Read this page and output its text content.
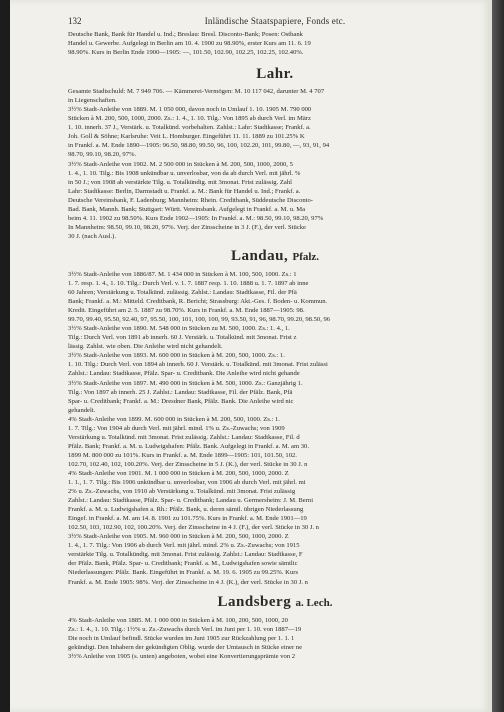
132	Inländische Staatspapiere, Fonds etc.

Deutsche Bank, Bank für Handel u. Ind.; Breslau: Bresl. Disconto-Bank; Posen: Ostbank

Handel u. Gewerbe. Aufgelegt in Berlin am 10. 4. 1900 zu 98.90%, erster Kurs am 11. 6. 19

98.90%. Kurs in Berlin Ende 1900—1905: —, 101.50, 102.90, 102.25, 102.25, 102.40%.

Lahr.

Gesamte Stadtschuld: M. 7 949 706. — Kämmerei-Vermögen: M. 10 117 042, darunter M. 4 707

in Liegenschaften.

3½% Stadt-Anleihe von 1889. M. 1 050 000, davon noch in Umlauf 1. 10. 1905 M. 790 000

Stücken à M. 200, 500, 1000, 2000. Zs.: 1. 4., 1. 10. Tilg.: Von 1895 ab durch Verl. im März

1. 10. innerh. 37 J., Verstärk. u. Totalkünd. vorbehalten. Zahlst.: Lahr: Stadtkasse; Frankf. a.

Joh. Goll & Söhne; Karlsruhe: Veit L. Homburger. Eingeführt 11. 11. 1889 zu 101.25% K

in Frankf. a. M. Ende 1890—1905: 96.50, 98.80, 99.50, 96, 100, 102.20, 101, 99.80, —, 93, 91, 94

98.70, 99.10, 98.20, 97%.

3½% Stadt-Anleihe von 1902. M. 2 500 000 in Stücken à M. 200, 500, 1000, 2000, 5

1. 4., 1. 10. Tilg.: Bis 1908 unkündbar u. unverlosbar, von da ab durch Verl. mit jährl. %

in 50 J.; von 1908 ab verstärkte Tilg. u. Totalkündig. mit 3monat. Frist zulässig. Zahl

Lahr: Stadtkasse: Berlin, Darmstadt u. Frankf. a. M.: Bank für Handel u. Ind.; Frankf. a.

Deutsche Vereinsbank, F. Ladenburg; Mannheim: Rhein. Creditbank, Süddeutsche Disconto-

Bad. Bank, Mannh. Bank; Stuttgart: Württ. Vereinsbank. Aufgelegt in Frankf. a. M. u. Ma

beim 4. 11. 1902 zu 98.50%. Kurs Ende 1902—1905: In Frankf. a. M.: 98.50, 99.10, 98.20, 97%

In Mannheim: 98.50, 99.10, 98.20, 97%. Verj. der Zinsscheine in 3 J. (F.), der verl. Stücke

30 J. (nach Ausl.).

Landau, Pfalz.

3½% Stadt-Anleihe von 1886/87. M. 1 434 000 in Stücken à M. 100, 500, 1000. Zs.: 1

1. 7. resp. 1. 4., 1. 10. Tilg.: Durch Verl. v. 1. 7. 1887 resp. 1. 10. 1888 u. 1. 7. 1897 ab inne

60 Jahren; Verstärkung u. Totalkünd. zulässig. Zahlst.: Landau: Stadtkasse, Fil. der Pfä

Bank; Frankf. a. M.: Mitteld. Creditbank, R. Bericht; Strassburg: Akt.-Ges. f. Boden- u. Kommun.

Kredit. Eingeführt am 2. 5. 1887 zu 98.70%. Kurs in Frankf. a. M. Ende 1887—1905: 98.

99.70, 99.40, 95.50, 92.40, 97, 95.50, 100, 101, 100, 100, 99, 93.50, 91, 96, 98.70, 99.20, 98.50, 96

3½% Stadt-Anleihe von 1890. M. 548 000 in Stücken zu M. 500, 1000. Zs.: 1. 4., 1.

Tilg.: Durch Verl. von 1891 ab innerh. 60 J. Verstärk. u. Totalkünd. mit 3monat. Frist z

lässig. Zahlst. wie oben. Die Anleihe wird nicht gehandelt.

3½% Stadt-Anleihe von 1893. M. 600 000 in Stücken à M. 200, 500, 1000. Zs.: 1.

1. 10. Tilg.: Durch Verl. von 1894 ab innerh. 60 J. Verstärk. u. Totalkünd. mit 3monat. Frist zulässi

Zahlst.: Landau: Stadtkasse, Pfälz. Spar- u. Creditbank. Die Anleihe wird nicht gehande

3½% Stadt-Anleihe von 1897. M. 490 000 in Stücken à M. 500, 1000. Zs.: Ganzjährig 1.

Tilg.: Von 1897 ab innerh. 25 J. Zahlst.: Landau: Stadtkasse, Fil. der Pfälz. Bank, Pfä

Spar- u. Creditbank; Frankf. a. M.: Dresdner Bank, Pfälz. Bank. Die Anleihe wird nic

gehandelt.

4% Stadt-Anleihe von 1899. M. 600 000 in Stücken à M. 200, 500, 1000. Zs.: 1.

1. 7. Tilg.: Von 1904 ab durch Verl. mit jährl. mind. 1% u. Zs.-Zuwachs; von 1909

Verstärkung u. Totalkünd. mit 3monat. Frist zulässig. Zahlst.: Landau: Stadtkasse, Fil. d

Pfälz. Bank; Frankf. a. M. u. Ludwigshafen: Pfälz. Bank. Aufgelegt in Frankf. a. M. am 30.

1899 M. 800 000 zu 101%. Kurs in Frankf. a. M. Ende 1899—1905: 101, 101.50, 102.

102.70, 102.40, 102, 100.20%. Verj. der Zinsscheine in 5 J. (K.), der verl. Stücke in 30 J. n

4% Stadt-Anleihe von 1901. M. 1 000 000 in Stücken à M. 200, 500, 1000, 2000. Z

1. 1., 1. 7. Tilg.: Bis 1906 unkündbar u. unverlosbar, von 1906 ab durch Verl. mit jährl. mi

2% u. Zs.-Zuwachs, von 1910 ab Verstärkung u. Totalkünd. mit 3monat. Frist zulässig

Zahlst.: Landau: Stadtkasse, Pfälz. Spar- u. Creditbank; Landau u. Germersheim: J. M. Berni

Frankf. a. M. u. Ludwigshafen a. Rh.: Pfälz. Bank, u. deren sämtl. übrigen Niederlassung

Eingef. in Frankf. a. M. am 14. 8. 1901 zu 101.75%. Kurs in Frankf. a. M. Ende 1901—19

102.50, 103, 102.90, 102, 100.20%. Verj. der Zinsscheine in 4 J. (F.), der verl. Stücke in 30 J. n

3½% Stadt-Anleihe von 1905. M. 960 000 in Stücken à M. 200, 500, 1000, 2000. Z

1. 4., 1. 7. Tilg.: Von 1906 ab durch Verl. mit jährl. mind. 2% u. Zs.-Zuwachs; von 1915

verstärkte Tilg. u. Totalkündig. mit 3monat. Frist zulässig. Zahlst.: Landau: Stadtkasse, F

der Pfälz. Bank, Pfälz. Spar- u. Creditbank; Frankf. a. M., Ludwigshafen sowie sämtlic

Niederlassungen: Pfälz. Bank. Eingeführt in Frankf. a. M. 19. 6. 1905 zu 99.25%. Kurs

Frankf. a. M. Ende 1905: 98%. Verj. der Zinsscheine in 4 J. (K.), der verl. Stücke in 30 J. n

Landsberg a. Lech.

4% Stadt-Anleihe von 1885. M. 1 000 000 in Stücken à M. 100, 200, 500, 1000, 20

Zs.: 1. 4., 1. 10. Tilg.: 1½% u. Zs.-Zuwachs durch Verl. im Juni per 1. 10. von 1887—19

Die noch in Umlauf befindl. Stücke wurden im Juni 1905 zur Rückzahlung per 1. 1. 1

gekündigt. Den Inhabern der gekündigten Oblig. wurde der Umtausch in Stücke einer ne

3½% Anleihe von 1905 (s. unten) angeboten, wobei eine Konvertierungsprämie von 2
